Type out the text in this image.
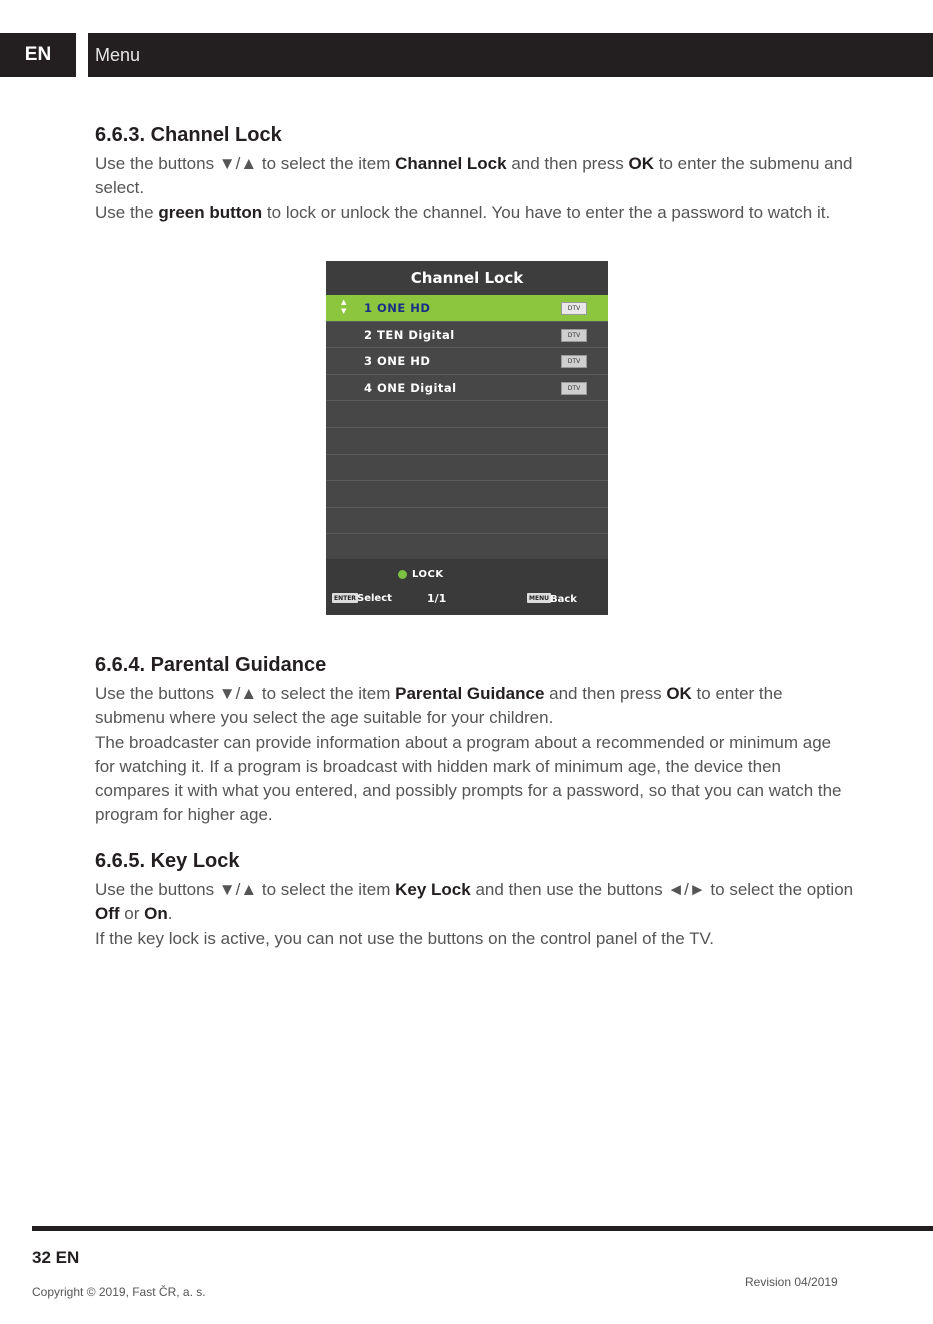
EN	Menu
6.6.3. Channel Lock

Use the buttons ▼/▲ to select the item Channel Lock and then press OK to enter the submenu and select.

Use the green button to lock or unlock the channel. You have to enter the a password to watch it.

Channel Lock
▲
▼ 1 ONE HD	DTV
2 TEN Digital	DTV
3 ONE HD	DTV
4 ONE Digital	DTV
LOCK
ENTER Select	1/1	MENU Back
6.6.4. Parental Guidance

Use the buttons ▼/▲ to select the item Parental Guidance and then press OK to enter the submenu where you select the age suitable for your children.

The broadcaster can provide information about a program about a recommended or minimum age for watching it. If a program is broadcast with hidden mark of minimum age, the device then compares it with what you entered, and possibly prompts for a password, so that you can watch the program for higher age.

6.6.5. Key Lock

Use the buttons ▼/▲ to select the item Key Lock and then use the buttons ◄/► to select the option Off or On.

If the key lock is active, you can not use the buttons on the control panel of the TV.

32 EN
Copyright © 2019, Fast ČR, a. s.
Revision 04/2019
